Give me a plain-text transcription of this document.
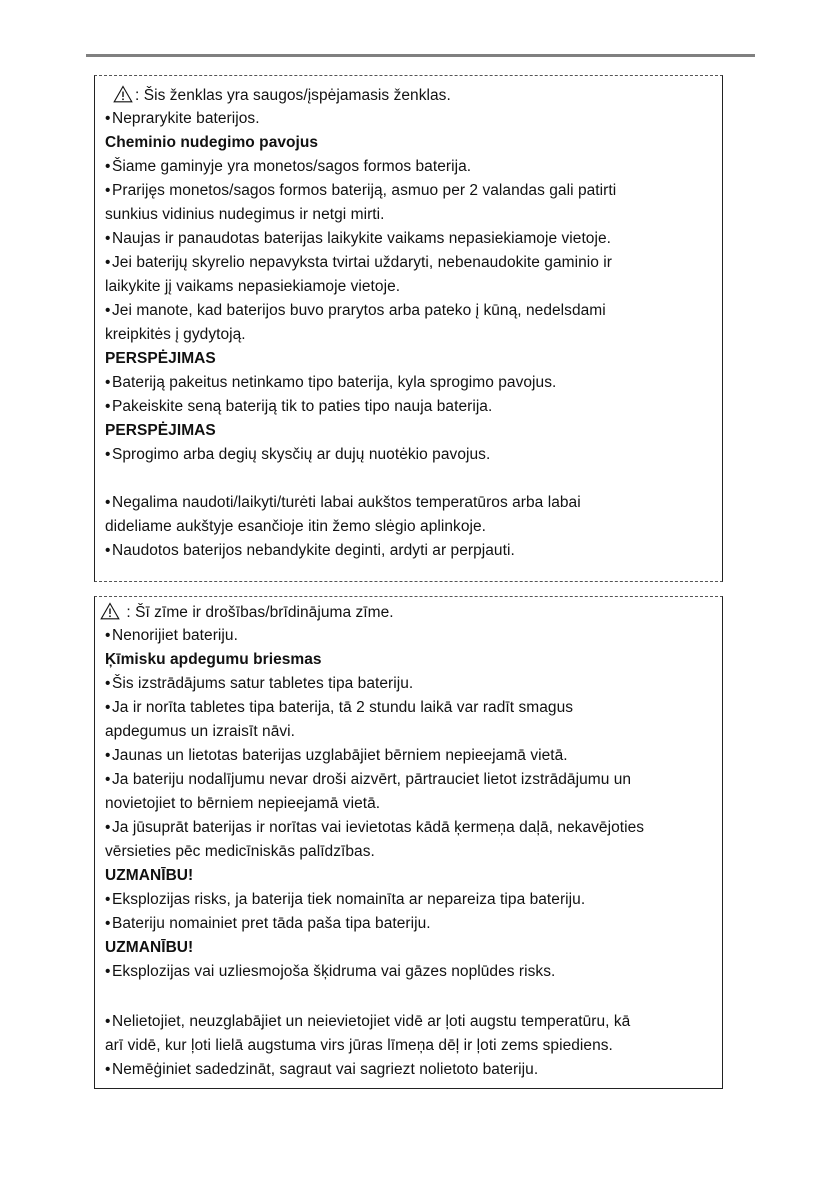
: Šis ženklas yra saugos/įspėjamasis ženklas.
•Neprarykite baterijos.
Cheminio nudegimo pavojus
•Šiame gaminyje yra monetos/sagos formos baterija.
•Prarijęs monetos/sagos formos bateriją, asmuo per 2 valandas gali patirti
sunkius vidinius nudegimus ir netgi mirti.
•Naujas ir panaudotas baterijas laikykite vaikams nepasiekiamoje vietoje.
•Jei baterijų skyrelio nepavyksta tvirtai uždaryti, nebenaudokite gaminio ir
laikykite jį vaikams nepasiekiamoje vietoje.
•Jei manote, kad baterijos buvo prarytos arba pateko į kūną, nedelsdami
kreipkitės į gydytoją.
PERSPĖJIMAS
•Bateriją pakeitus netinkamo tipo baterija, kyla sprogimo pavojus.
•Pakeiskite seną bateriją tik to paties tipo nauja baterija.
PERSPĖJIMAS
•Sprogimo arba degių skysčių ar dujų nuotėkio pavojus.
•Negalima naudoti/laikyti/turėti labai aukštos temperatūros arba labai
dideliame aukštyje esančioje itin žemo slėgio aplinkoje.
•Naudotos baterijos nebandykite deginti, ardyti ar perpjauti.
: Šī zīme ir drošības/brīdinājuma zīme.
•Nenorijiet bateriju.
Ķīmisku apdegumu briesmas
•Šis izstrādājums satur tabletes tipa bateriju.
•Ja ir norīta tabletes tipa baterija, tā 2 stundu laikā var radīt smagus
apdegumus un izraisīt nāvi.
•Jaunas un lietotas baterijas uzglabājiet bērniem nepieejamā vietā.
•Ja bateriju nodalījumu nevar droši aizvērt, pārtrauciet lietot izstrādājumu un
novietojiet to bērniem nepieejamā vietā.
•Ja jūsuprāt baterijas ir norītas vai ievietotas kādā ķermeņa daļā, nekavējoties
vērsieties pēc medicīniskās palīdzības.
UZMANĪBU!
•Eksplozijas risks, ja baterija tiek nomainīta ar nepareiza tipa bateriju.
•Bateriju nomainiet pret tāda paša tipa bateriju.
UZMANĪBU!
•Eksplozijas vai uzliesmojoša šķidruma vai gāzes noplūdes risks.
•Nelietojiet, neuzglabājiet un neievietojiet vidē ar ļoti augstu temperatūru, kā
arī vidē, kur ļoti lielā augstuma virs jūras līmeņa dēļ ir ļoti zems spiediens.
•Nemēģiniet sadedzināt, sagraut vai sagriezt nolietoto bateriju.
